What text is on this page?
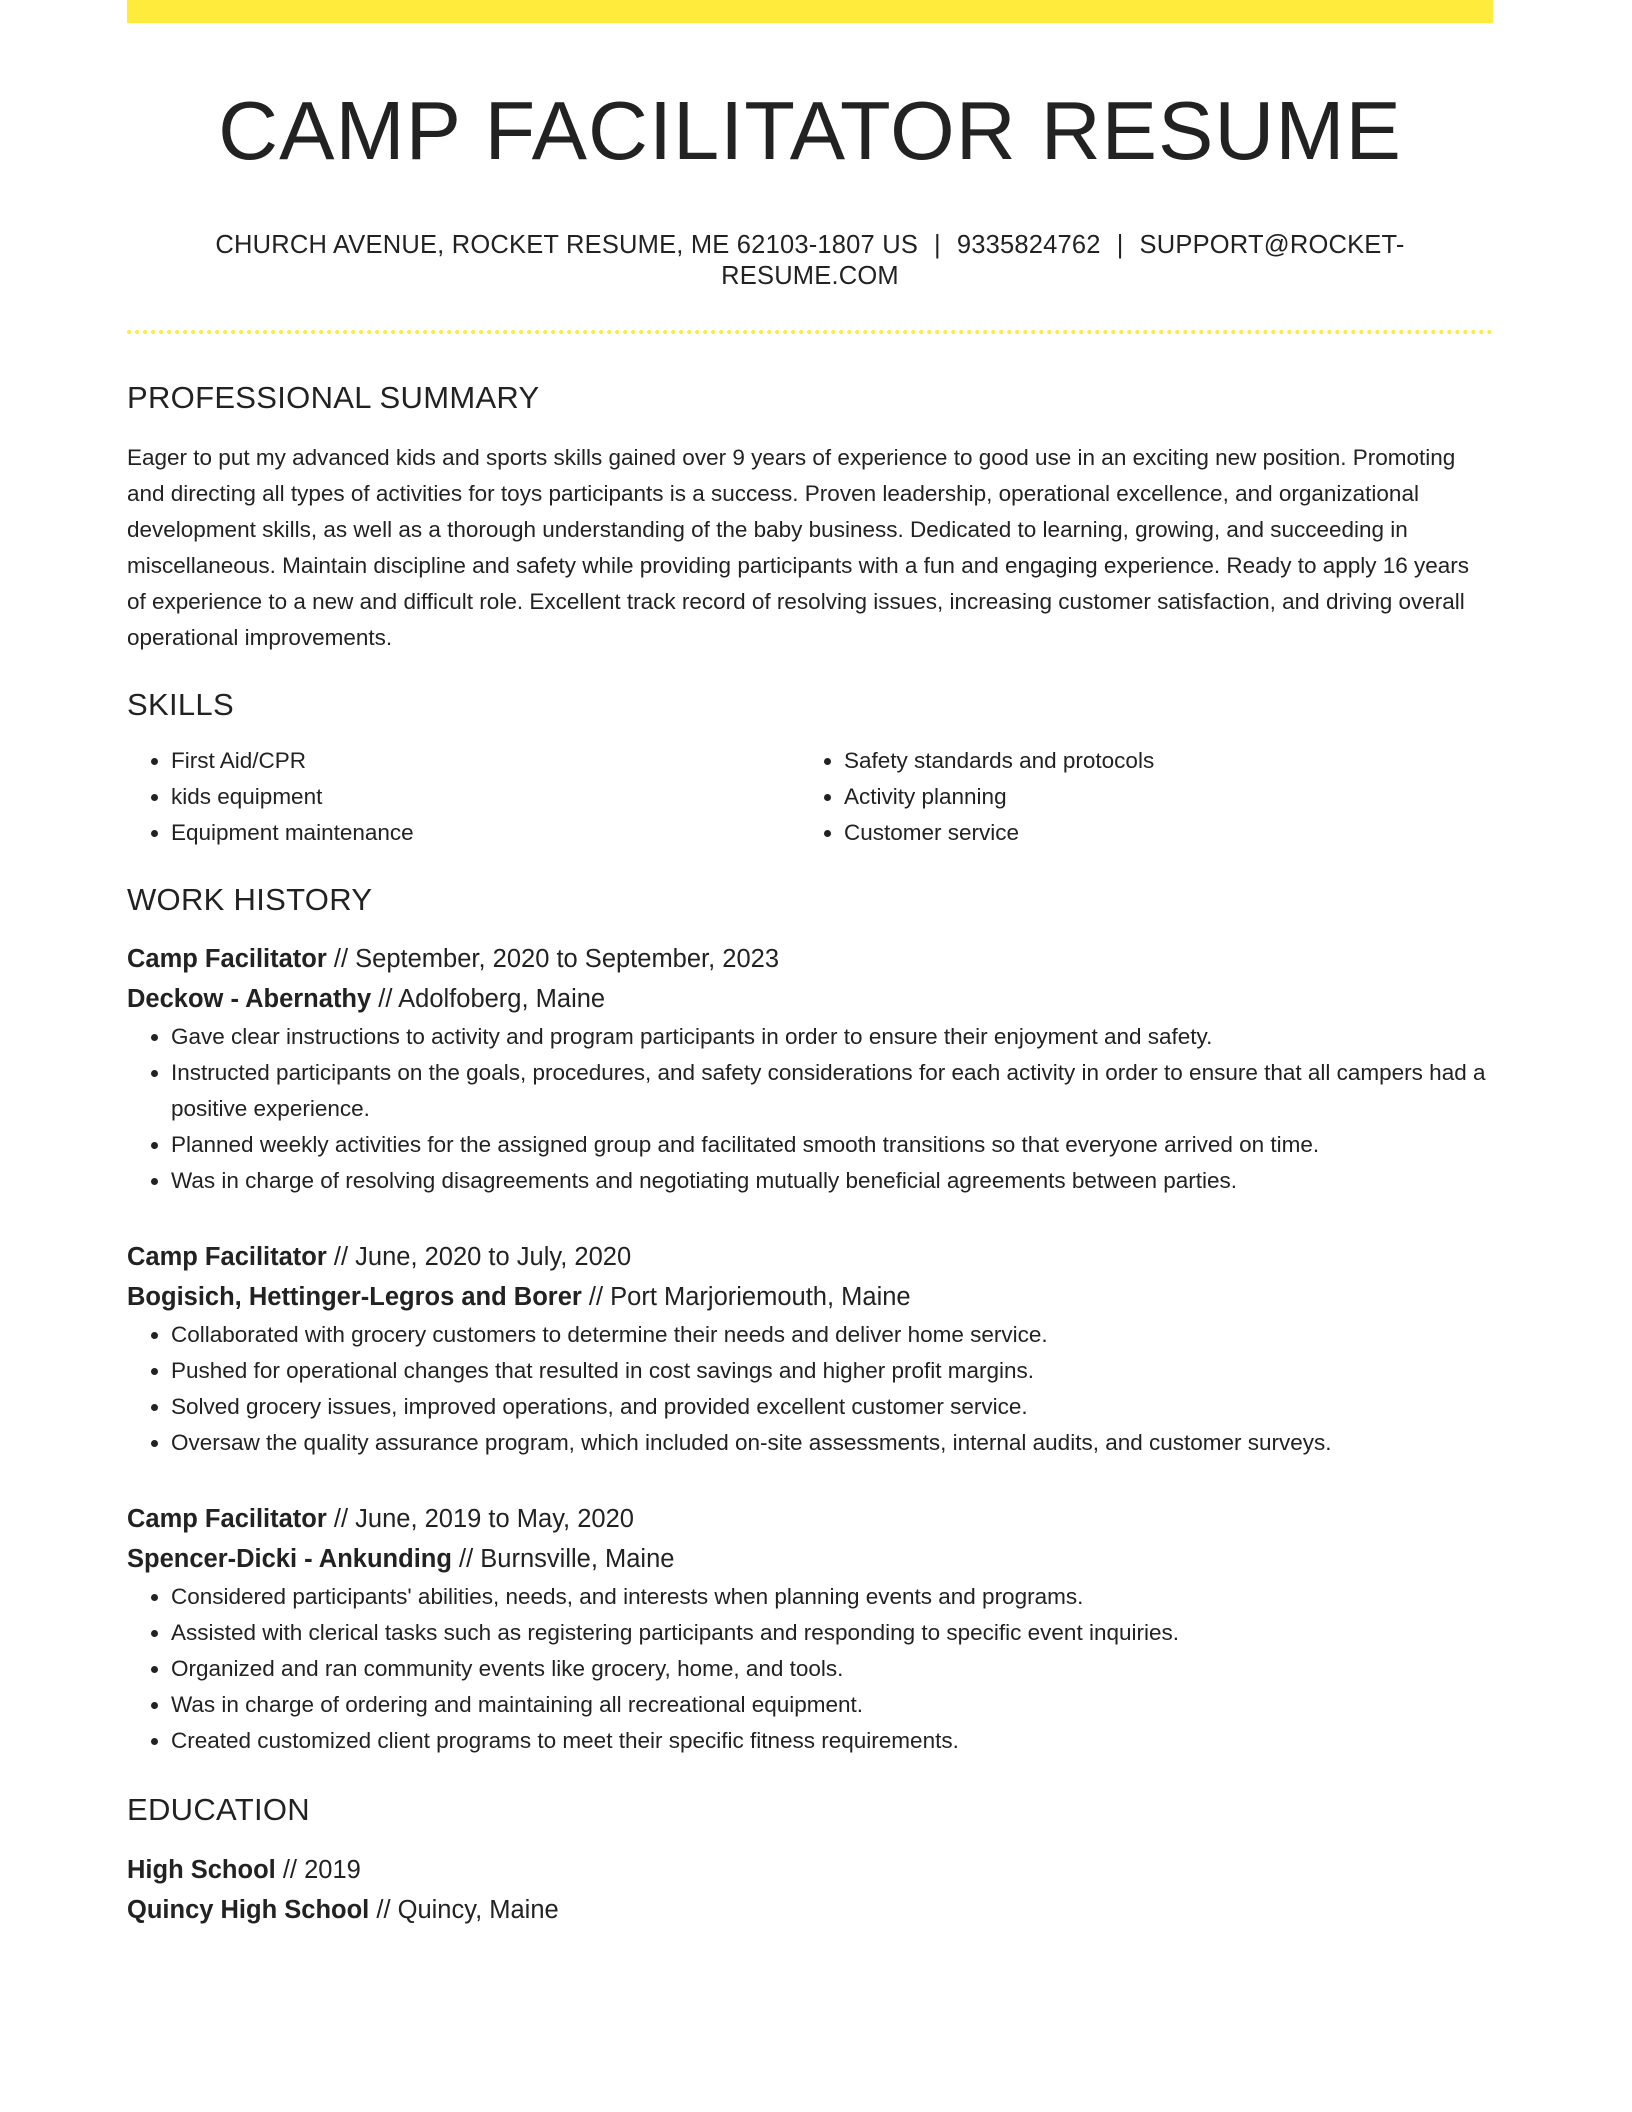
CAMP FACILITATOR RESUME
CHURCH AVENUE, ROCKET RESUME, ME 62103-1807 US | 9335824762 | SUPPORT@ROCKET-RESUME.COM
PROFESSIONAL SUMMARY

Eager to put my advanced kids and sports skills gained over 9 years of experience to good use in an exciting new position. Promoting and directing all types of activities for toys participants is a success. Proven leadership, operational excellence, and organizational development skills, as well as a thorough understanding of the baby business. Dedicated to learning, growing, and succeeding in miscellaneous. Maintain discipline and safety while providing participants with a fun and engaging experience. Ready to apply 16 years of experience to a new and difficult role. Excellent track record of resolving issues, increasing customer satisfaction, and driving overall operational improvements.

SKILLS
• First Aid/CPR
• kids equipment
• Equipment maintenance
• Safety standards and protocols
• Activity planning
• Customer service
WORK HISTORY
Camp Facilitator // September, 2020 to September, 2023
Deckow - Abernathy // Adolfoberg, Maine
• Gave clear instructions to activity and program participants in order to ensure their enjoyment and safety.
• Instructed participants on the goals, procedures, and safety considerations for each activity in order to ensure that all campers had a positive experience.
• Planned weekly activities for the assigned group and facilitated smooth transitions so that everyone arrived on time.
• Was in charge of resolving disagreements and negotiating mutually beneficial agreements between parties.
Camp Facilitator // June, 2020 to July, 2020
Bogisich, Hettinger-Legros and Borer // Port Marjoriemouth, Maine
• Collaborated with grocery customers to determine their needs and deliver home service.
• Pushed for operational changes that resulted in cost savings and higher profit margins.
• Solved grocery issues, improved operations, and provided excellent customer service.
• Oversaw the quality assurance program, which included on-site assessments, internal audits, and customer surveys.
Camp Facilitator // June, 2019 to May, 2020
Spencer-Dicki - Ankunding // Burnsville, Maine
• Considered participants' abilities, needs, and interests when planning events and programs.
• Assisted with clerical tasks such as registering participants and responding to specific event inquiries.
• Organized and ran community events like grocery, home, and tools.
• Was in charge of ordering and maintaining all recreational equipment.
• Created customized client programs to meet their specific fitness requirements.
EDUCATION
High School // 2019
Quincy High School // Quincy, Maine
